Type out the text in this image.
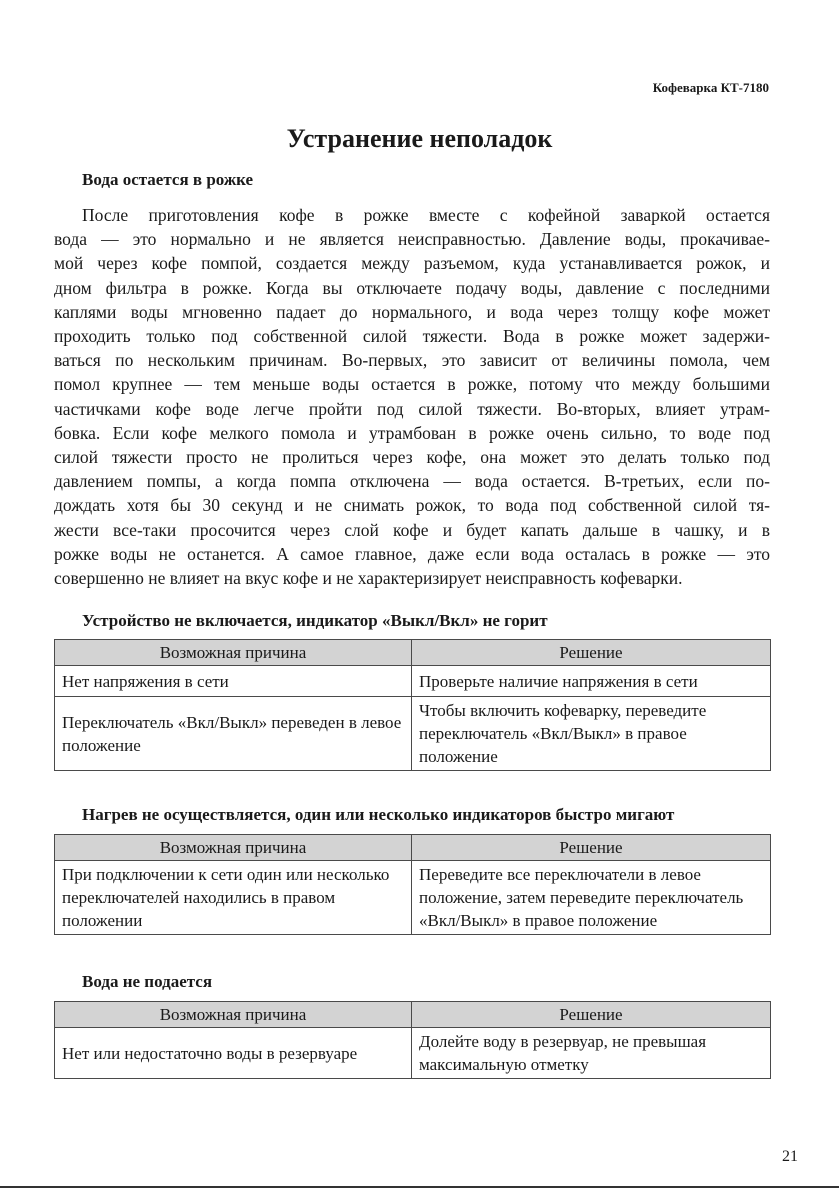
Кофеварка КТ-7180
Устранение неполадок
Вода остается в рожке
После приготовления кофе в рожке вместе с кофейной заваркой остается
вода — это нормально и не является неисправностью. Давление воды, прокачивае-
мой через кофе помпой, создается между разъемом, куда устанавливается рожок, и
дном фильтра в рожке. Когда вы отключаете подачу воды, давление с последними
каплями воды мгновенно падает до нормального, и вода через толщу кофе может
проходить только под собственной силой тяжести. Вода в рожке может задержи-
ваться по нескольким причинам. Во-первых, это зависит от величины помола, чем
помол крупнее — тем меньше воды остается в рожке, потому что между большими
частичками кофе воде легче пройти под силой тяжести. Во-вторых, влияет утрам-
бовка. Если кофе мелкого помола и утрамбован в рожке очень сильно, то воде под
силой тяжести просто не пролиться через кофе, она может это делать только под
давлением помпы, а когда помпа отключена — вода остается. В-третьих, если по-
дождать хотя бы 30 секунд и не снимать рожок, то вода под собственной силой тя-
жести все-таки просочится через слой кофе и будет капать дальше в чашку, и в
рожке воды не останется. А самое главное, даже если вода осталась в рожке — это
совершенно не влияет на вкус кофе и не характеризирует неисправность кофеварки.
Устройство не включается, индикатор «Выкл/Вкл» не горит
Возможная причина	Решение
Нет напряжения в сети	Проверьте наличие напряжения в сети
Переключатель «Вкл/Выкл» переведен в левое положение	Чтобы включить кофеварку, переведите переключатель «Вкл/Выкл» в правое положение
Нагрев не осуществляется, один или несколько индикаторов быстро мигают
Возможная причина	Решение
При подключении к сети один или несколько переключателей находились в правом положении	Переведите все переключатели в левое положение, затем переведите переключатель «Вкл/Выкл» в правое положение
Вода не подается
Возможная причина	Решение
Нет или недостаточно воды в резервуаре	Долейте воду в резервуар, не превышая максимальную отметку
21
